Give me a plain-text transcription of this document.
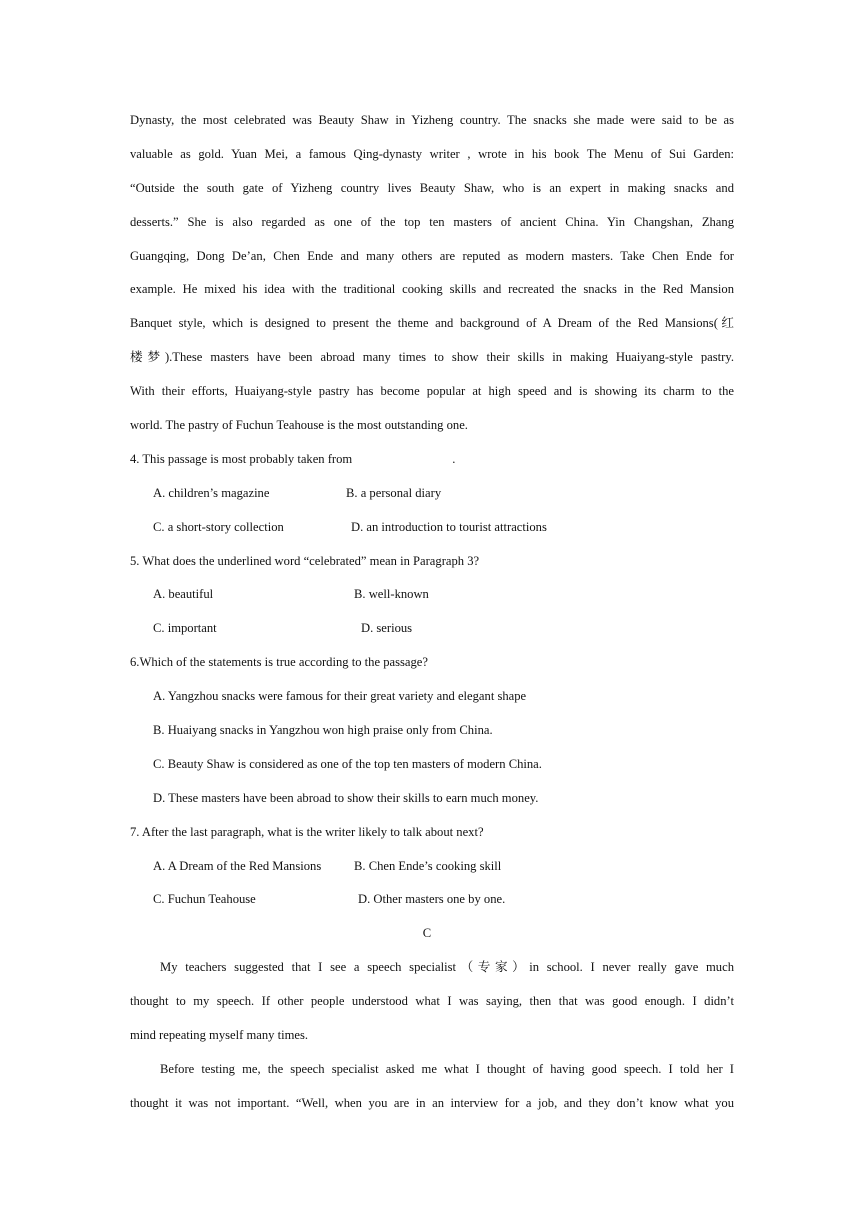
Dynasty, the most celebrated was Beauty Shaw in Yizheng country. The snacks she made were said to be as
valuable as gold. Yuan Mei, a famous Qing-dynasty writer , wrote in his book The Menu of Sui Garden:
“Outside the south gate of Yizheng country lives Beauty Shaw, who is an expert in making snacks and
desserts.” She is also regarded as one of the top ten masters of ancient China. Yin Changshan, Zhang
Guangqing, Dong De’an, Chen Ende and many others are reputed as modern masters. Take Chen Ende for
example. He mixed his idea with the traditional cooking skills and recreated the snacks in the Red Mansion
Banquet style, which is designed to present the theme and background of A Dream of the Red Mansions(红
楼梦).These masters have been abroad many times to show their skills in making Huaiyang-style pastry.
With their efforts, Huaiyang-style pastry has become popular at high speed and is showing its charm to the
world. The pastry of Fuchun Teahouse is the most outstanding one.
4. This passage is most probably taken from	.
A. children’s magazine	B. a personal diary
C. a short-story collection	D. an introduction to tourist attractions
5. What does the underlined word “celebrated” mean in Paragraph 3?
A. beautiful	B. well-known
C. important	D. serious
6.Which of the statements is true according to the passage?
A. Yangzhou snacks were famous for their great variety and elegant shape
B. Huaiyang snacks in Yangzhou won high praise only from China.
C. Beauty Shaw is considered as one of the top ten masters of modern China.
D. These masters have been abroad to show their skills to earn much money.
7. After the last paragraph, what is the writer likely to talk about next?
A. A Dream of the Red Mansions	B. Chen Ende’s cooking skill
C. Fuchun Teahouse	D. Other masters one by one.
C
My teachers suggested that I see a speech specialist（专家）in school. I never really gave much
thought to my speech. If other people understood what I was saying, then that was good enough. I didn’t
mind repeating myself many times.
Before testing me, the speech specialist asked me what I thought of having good speech. I told her I
thought it was not important. “Well, when you are in an interview for a job, and they don’t know what you
